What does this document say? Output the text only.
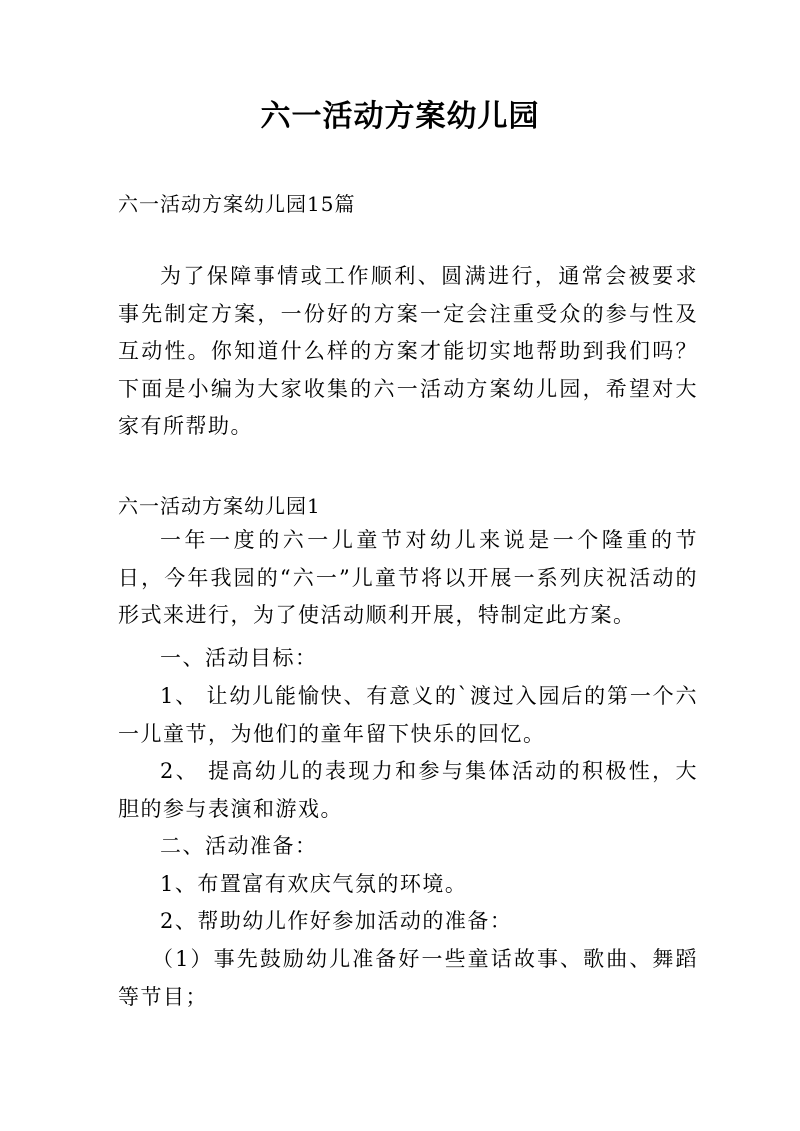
六一活动方案幼儿园
六一活动方案幼儿园15篇
为了保障事情或工作顺利、圆满进行，通常会被要求事先制定方案，一份好的方案一定会注重受众的参与性及互动性。你知道什么样的方案才能切实地帮助到我们吗？下面是小编为大家收集的六一活动方案幼儿园，希望对大家有所帮助。
六一活动方案幼儿园1
一年一度的六一儿童节对幼儿来说是一个隆重的节日，今年我园的“六一”儿童节将以开展一系列庆祝活动的形式来进行，为了使活动顺利开展，特制定此方案。
一、活动目标：
1、 让幼儿能愉快、有意义的`渡过入园后的第一个六一儿童节，为他们的童年留下快乐的回忆。
2、 提高幼儿的表现力和参与集体活动的积极性，大胆的参与表演和游戏。
二、活动准备：
1、布置富有欢庆气氛的环境。
2、帮助幼儿作好参加活动的准备：
（1）事先鼓励幼儿准备好一些童话故事、歌曲、舞蹈等节目；
